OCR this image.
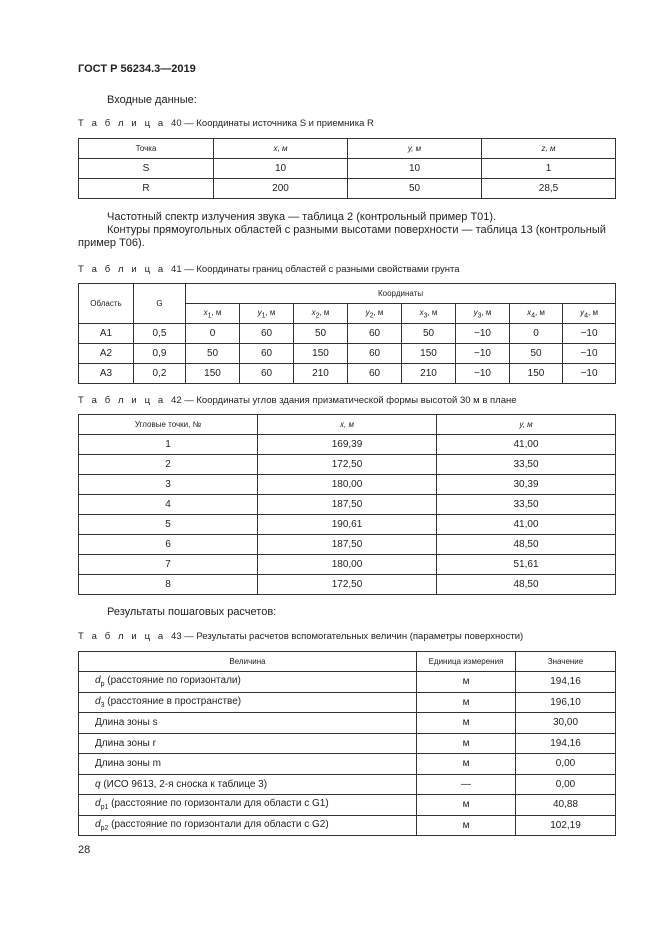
ГОСТ Р 56234.3—2019
Входные данные:
Т а б л и ц а 40 — Координаты источника S и приемника R
Точка	x, м	y, м	z, м
S	10	10	1
R	200	50	28,5
Частотный спектр излучения звука — таблица 2 (контрольный пример Т01).
Контуры прямоугольных областей с разными высотами поверхности — таблица 13 (контрольный
пример Т06).
Т а б л и ц а 41 — Координаты границ областей с разными свойствами грунта
Область	G	Координаты							
		$x_1$, м	$y_1$, м	$x_2$, м	$y_2$, м	$x_3$, м	$y_3$, м	$x_4$, м	$y_4$, м
А1	0,5	0	60	50	60	50	−10	0	−10
А2	0,9	50	60	150	60	150	−10	50	−10
А3	0,2	150	60	210	60	210	−10	150	−10
Т а б л и ц а 42 — Координаты углов здания призматической формы высотой 30 м в плане
Угловые точки, №	x, м	y, м
1	169,39	41,00
2	172,50	33,50
3	180,00	30,39
4	187,50	33,50
5	190,61	41,00
6	187,50	48,50
7	180,00	51,61
8	172,50	48,50
Результаты пошаговых расчетов:
Т а б л и ц а 43 — Результаты расчетов вспомогательных величин (параметры поверхности)
Величина	Единица измерения	Значение
$d_p$ (расстояние по горизонтали)	м	194,16
$d_3$ (расстояние в пространстве)	м	196,10
Длина зоны s	м	30,00
Длина зоны r	м	194,16
Длина зоны m	м	0,00
q (ИСО 9613, 2-я сноска к таблице 3)	—	0,00
$d_{p1}$ (расстояние по горизонтали для области с G1)	м	40,88
$d_{p2}$ (расстояние по горизонтали для области с G2)	м	102,19
28
